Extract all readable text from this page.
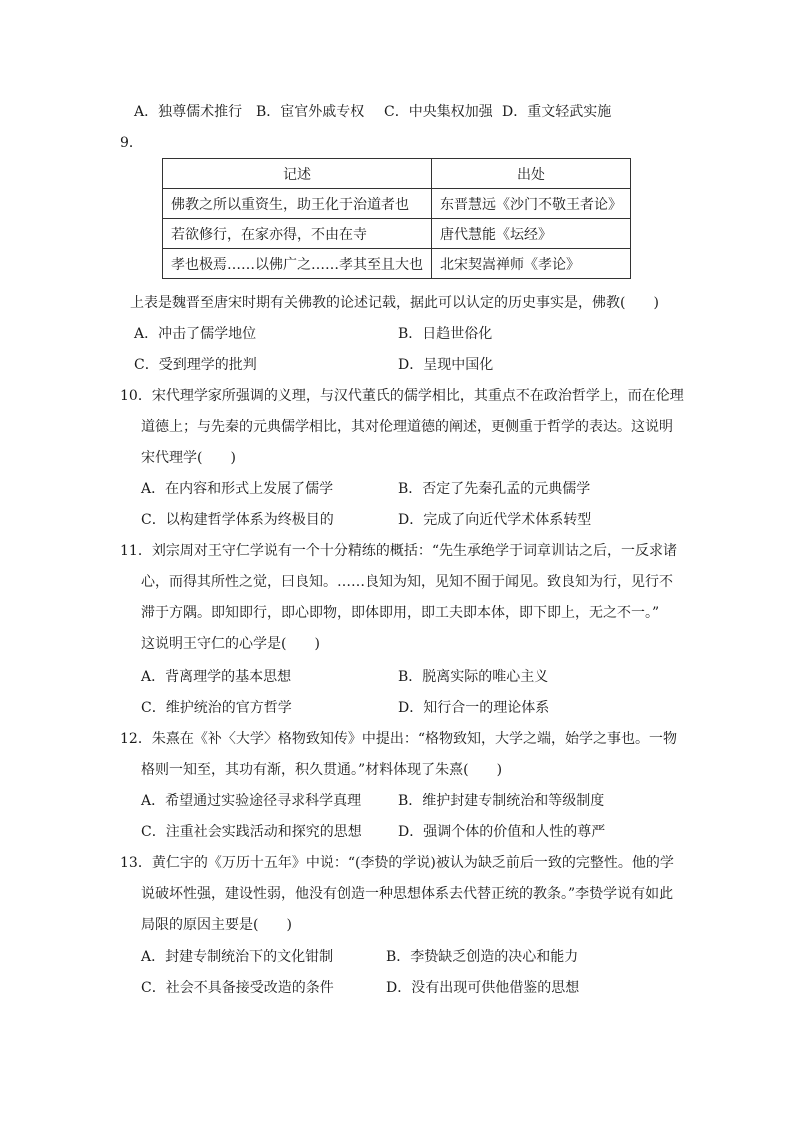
A．独尊儒术推行 B．宦官外戚专权 C．中央集权加强 D．重文轻武实施
9．
记述	出处
佛教之所以重资生，助王化于治道者也	东晋慧远《沙门不敬王者论》
若欲修行，在家亦得，不由在寺	唐代慧能《坛经》
孝也极焉……以佛广之……孝其至且大也	北宋契嵩禅师《孝论》
上表是魏晋至唐宋时期有关佛教的论述记载，据此可以认定的历史事实是，佛教(　　)
A．冲击了儒学地位	B．日趋世俗化
C．受到理学的批判	D．呈现中国化
10．宋代理学家所强调的义理，与汉代董氏的儒学相比，其重点不在政治哲学上，而在伦理
道德上；与先秦的元典儒学相比，其对伦理道德的阐述，更侧重于哲学的表达。这说明
宋代理学(　　)
A．在内容和形式上发展了儒学	B．否定了先秦孔孟的元典儒学
C．以构建哲学体系为终极目的	D．完成了向近代学术体系转型
11．刘宗周对王守仁学说有一个十分精练的概括：“先生承绝学于词章训诂之后，一反求诸
心，而得其所性之觉，曰良知。……良知为知，见知不囿于闻见。致良知为行，见行不
滞于方隅。即知即行，即心即物，即体即用，即工夫即本体，即下即上，无之不一。”
这说明王守仁的心学是(　　)
A．背离理学的基本思想	B．脱离实际的唯心主义
C．维护统治的官方哲学	D．知行合一的理论体系
12．朱熹在《补〈大学〉格物致知传》中提出：“格物致知，大学之端，始学之事也。一物
格则一知至，其功有渐，积久贯通。”材料体现了朱熹(　　)
A．希望通过实验途径寻求科学真理	B．维护封建专制统治和等级制度
C．注重社会实践活动和探究的思想	D．强调个体的价值和人性的尊严
13．黄仁宇的《万历十五年》中说：“(李贽的学说)被认为缺乏前后一致的完整性。他的学
说破坏性强，建设性弱，他没有创造一种思想体系去代替正统的教条。”李贽学说有如此
局限的原因主要是(　　)
A．封建专制统治下的文化钳制	B．李贽缺乏创造的决心和能力
C．社会不具备接受改造的条件	D．没有出现可供他借鉴的思想
